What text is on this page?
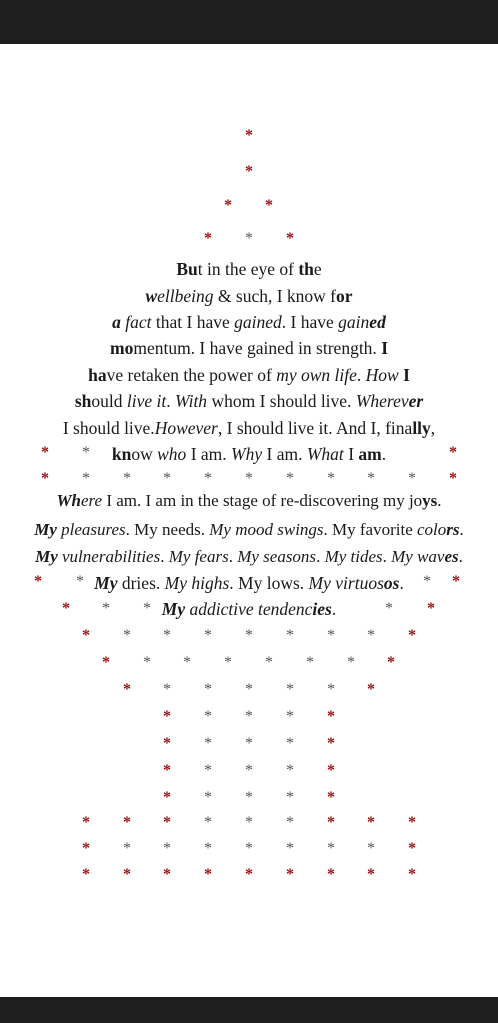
But in the eye of the
wellbeing & such, I know for
a fact that I have gained. I have gained
momentum. I have gained in strength. I
have retaken the power of my own life. How I
should live it. With whom I should live. Wherever
I should live.However, I should live it. And I, finally,
know who I am. Why I am. What I am.
Where I am. I am in the stage of re-discovering my joys.
My pleasures. My needs. My mood swings. My favorite colors.
My vulnerabilities. My fears. My seasons. My tides. My waves.
My dries. My highs. My lows. My virtuosos.
My addictive tendencies.
*
*
* *
* * *
* *	*
* * * * * * * * * * *
* *	* *
* * *	* *
* * * * * * * * *
* * * * * * * *
* * * * * * *
* * * * *
* * * * *
* * * * *
* * * * *
* * * * * * * * *
* * * * * * * * *
* * * * * * * * *
